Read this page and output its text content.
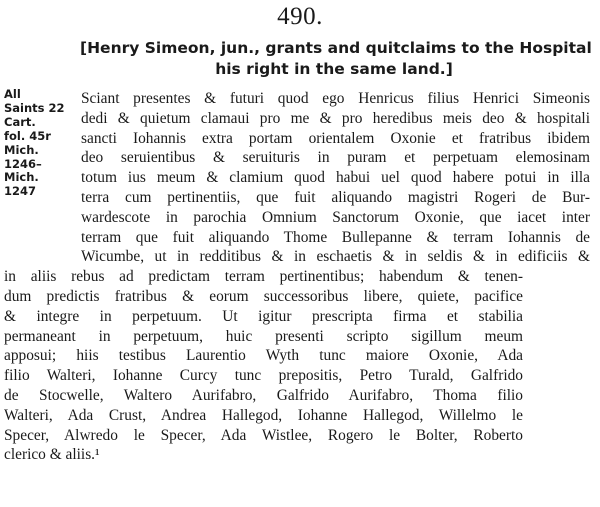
490.
[Henry Simeon, jun., grants and quitclaims to the Hospital
his right in the same land.]
All
Saints 22
Cart.
fol. 45r
Mich.
1246–
Mich.
1247
Sciant presentes & futuri quod ego Henricus filius Henrici Simeonis
dedi & quietum clamaui pro me & pro heredibus meis deo & hospitali
sancti Iohannis extra portam orientalem Oxonie et fratribus ibidem
deo seruientibus & seruituris in puram et perpetuam elemosinam
totum ius meum & clamium quod habui uel quod habere potui in illa
terra cum pertinentiis, que fuit aliquando magistri Rogeri de Bur-
wardescote in parochia Omnium Sanctorum Oxonie, que iacet inter
terram que fuit aliquando Thome Bullepanne & terram Iohannis de
Wicumbe, ut in redditibus & in eschaetis & in seldis & in edificiis &
in aliis rebus ad predictam terram pertinentibus; habendum & tenen-
dum predictis fratribus & eorum successoribus libere, quiete, pacifice
& integre in perpetuum. Ut igitur prescripta firma et stabilia
permaneant in perpetuum, huic presenti scripto sigillum meum
apposui; hiis testibus Laurentio Wyth tunc maiore Oxonie, Ada
filio Walteri, Iohanne Curcy tunc prepositis, Petro Turald, Galfrido
de Stocwelle, Waltero Aurifabro, Galfrido Aurifabro, Thoma filio
Walteri, Ada Crust, Andrea Hallegod, Iohanne Hallegod, Willelmo le
Specer, Alwredo le Specer, Ada Wistlee, Rogero le Bolter, Roberto
clerico & aliis.¹
